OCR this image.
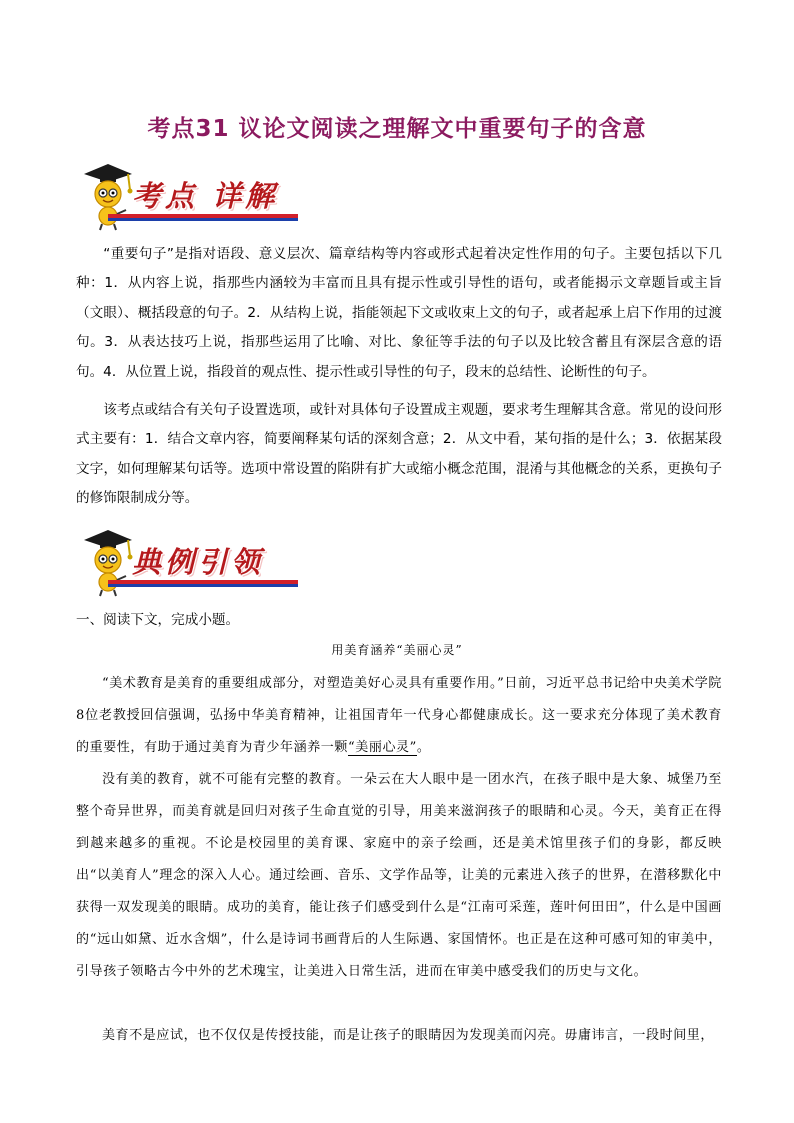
考点31 议论文阅读之理解文中重要句子的含意
考点 详解

“重要句子”是指对语段、意义层次、篇章结构等内容或形式起着决定性作用的句子。主要包括以下几种：1．从内容上说，指那些内涵较为丰富而且具有提示性或引导性的语句，或者能揭示文章题旨或主旨（文眼）、概括段意的句子。2．从结构上说，指能领起下文或收束上文的句子，或者起承上启下作用的过渡句。3．从表达技巧上说，指那些运用了比喻、对比、象征等手法的句子以及比较含蓄且有深层含意的语句。4．从位置上说，指段首的观点性、提示性或引导性的句子，段末的总结性、论断性的句子。

该考点或结合有关句子设置选项，或针对具体句子设置成主观题，要求考生理解其含意。常见的设问形式主要有：1．结合文章内容，简要阐释某句话的深刻含意；2．从文中看，某句指的是什么；3．依据某段文字，如何理解某句话等。选项中常设置的陷阱有扩大或缩小概念范围，混淆与其他概念的关系，更换句子的修饰限制成分等。

典例引领

一、阅读下文，完成小题。

用美育涵养“美丽心灵”

“美术教育是美育的重要组成部分，对塑造美好心灵具有重要作用。”日前，习近平总书记给中央美术学院8位老教授回信强调，弘扬中华美育精神，让祖国青年一代身心都健康成长。这一要求充分体现了美术教育的重要性，有助于通过美育为青少年涵养一颗“美丽心灵”。

没有美的教育，就不可能有完整的教育。一朵云在大人眼中是一团水汽，在孩子眼中是大象、城堡乃至整个奇异世界，而美育就是回归对孩子生命直觉的引导，用美来滋润孩子的眼睛和心灵。今天，美育正在得到越来越多的重视。不论是校园里的美育课、家庭中的亲子绘画，还是美术馆里孩子们的身影，都反映出“以美育人”理念的深入人心。通过绘画、音乐、文学作品等，让美的元素进入孩子的世界，在潜移默化中获得一双发现美的眼睛。成功的美育，能让孩子们感受到什么是“江南可采莲，莲叶何田田”，什么是中国画的“远山如黛、近水含烟”，什么是诗词书画背后的人生际遇、家国情怀。也正是在这种可感可知的审美中，引导孩子领略古今中外的艺术瑰宝，让美进入日常生活，进而在审美中感受我们的历史与文化。

美育不是应试，也不仅仅是传授技能，而是让孩子的眼睛因为发现美而闪亮。毋庸讳言，一段时间里，
